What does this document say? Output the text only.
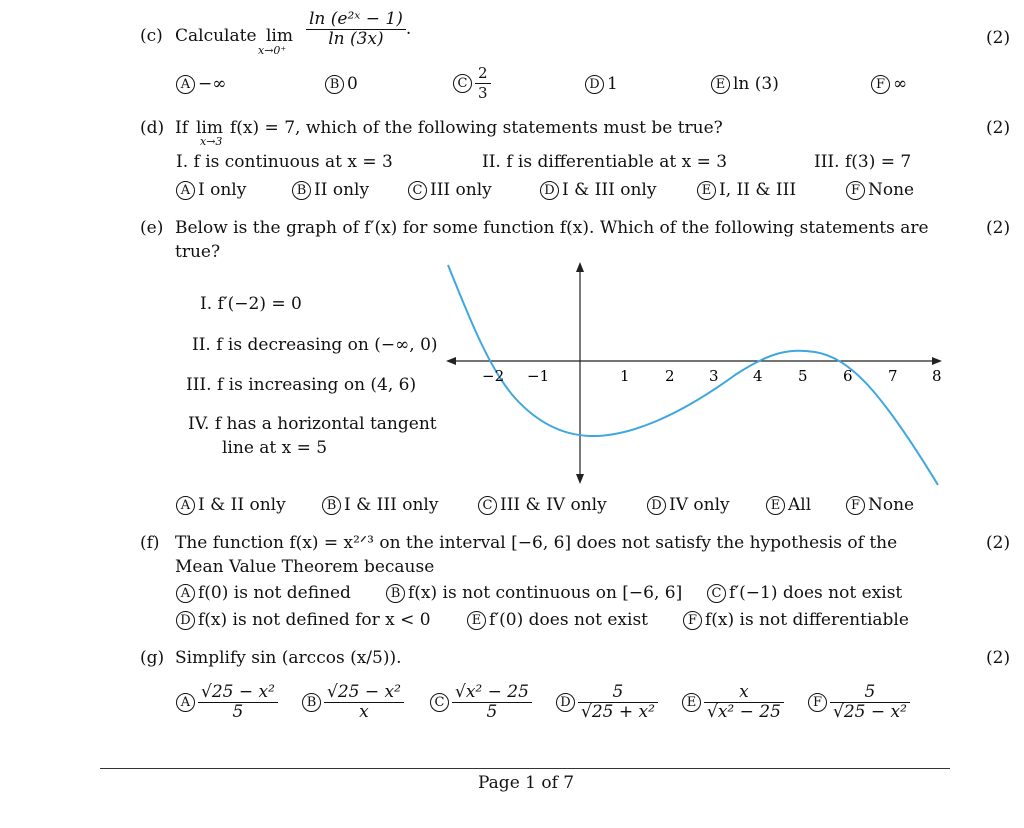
(c) Calculate lim
x→0⁺
$\frac{\text{ln (e²ˣ − 1)}}{\ln (3x)}$ .	(2)
A −∞	B 0	C $\frac{2}{3}$	D 1	E ln (3)	F ∞
(d) If lim
x→3
f(x) = 7, which of the following statements must be true?	(2)
I. f is continuous at x = 3	II. f is differentiable at x = 3	III. f(3) = 7
A I only	B II only	C III only	D I & III only	E I, II & III	F None
(e) Below is the graph of f′(x) for some function f(x). Which of the following statements are
true?
(2)
I. f′(−2) = 0
II. f is decreasing on (−∞, 0)
III. f is increasing on (4, 6)
IV. f has a horizontal tangent
line at x = 5
−2 −1	1 2 3 4 5 6 7 8
A I & II only	B I & III only	C III & IV only	D IV only	E All	F None
(f) The function f(x) = x²ᐟ³ on the interval [−6, 6] does not satisfy the hypothesis of the
Mean Value Theorem because
(2)
A f(0) is not defined	B f(x) is not continuous on [−6, 6]	C f′(−1) does not exist
D f(x) is not defined for x < 0	E f′(0) does not exist	F f(x) is not differentiable
(g) Simplify sin (arccos (x/5)).	(2)
A $\frac{\text{√25 − x²}}{5}$	B $\frac{\text{√25 − x²}}{x}$	C $\frac{\text{√x² − 25}}{5}$	D $\frac{5}{\text{√25 + x²}}$	E $\frac{x}{\text{√x² − 25}}$	F $\frac{5}{\text{√25 − x²}}$
Page 1 of 7
